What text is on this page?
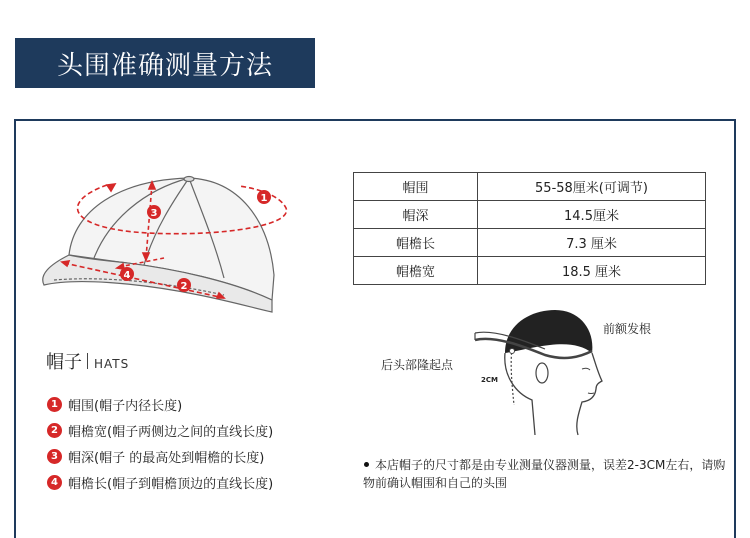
头围准确测量方法
1
2
3
4
帽围	55-58厘米(可调节)
帽深	14.5厘米
帽檐长	7.3 厘米
帽檐宽	18.5 厘米
帽子 HATS
1 帽围(帽子内径长度)
2 帽檐宽(帽子两侧边之间的直线长度)
3 帽深(帽子 的最高处到帽檐的长度)
4 帽檐长(帽子到帽檐顶边的直线长度)
前额发根
后头部隆起点
2CM
本店帽子的尺寸都是由专业测量仪器测量，误差2-3CM左右，请购物前确认帽围和自己的头围
